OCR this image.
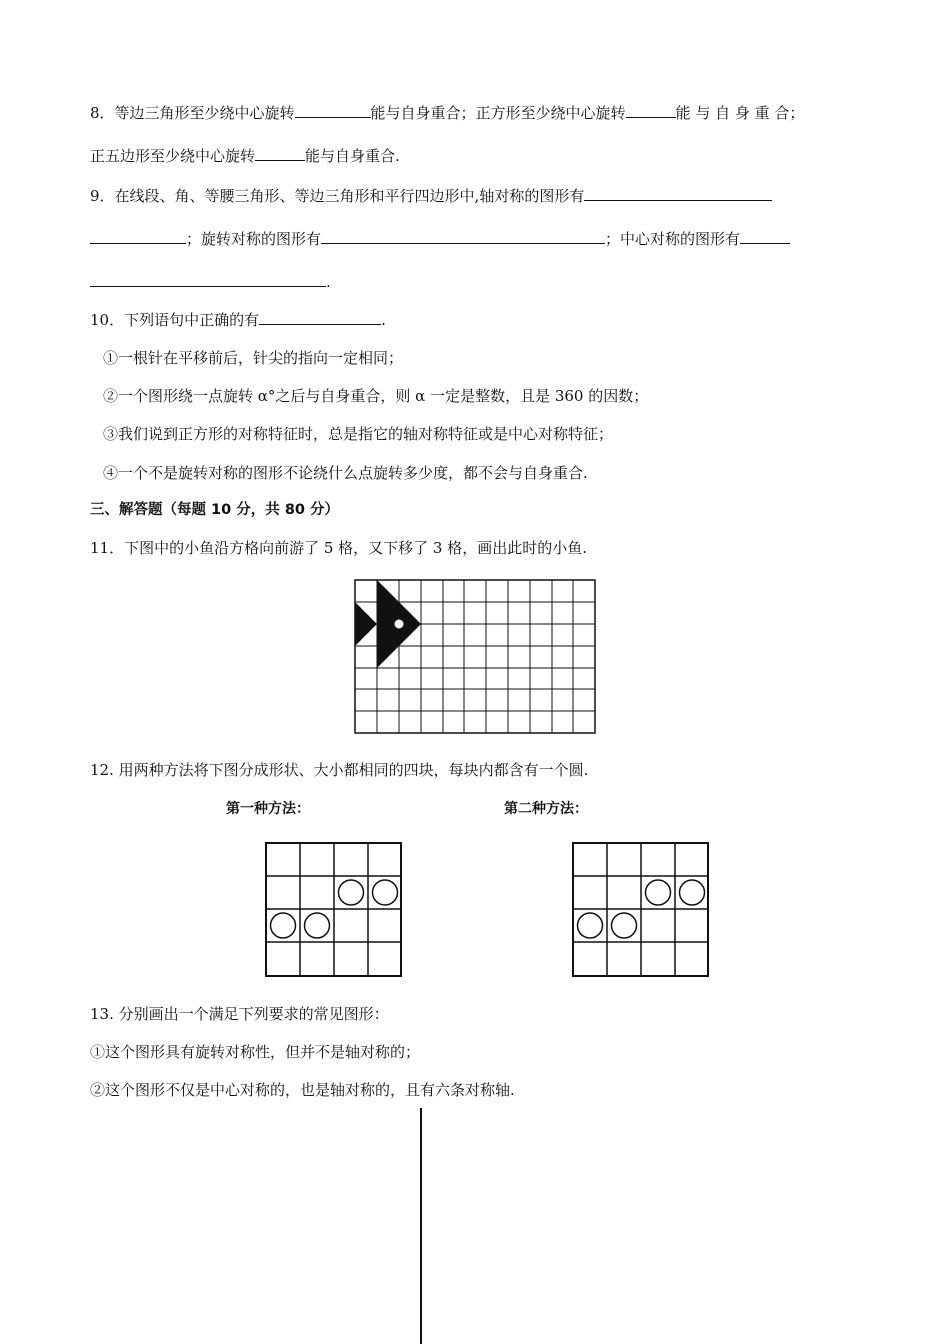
8．等边三角形至少绕中心旋转	能与自身重合；正方形至少绕中心旋转	能 与 自 身 重 合；
正五边形至少绕中心旋转	能与自身重合.
9．在线段、角、等腰三角形、等边三角形和平行四边形中,轴对称的图形有
；旋转对称的图形有	；中心对称的图形有
.
10．下列语句中正确的有	.
①一根针在平移前后，针尖的指向一定相同；
②一个图形绕一点旋转 α°之后与自身重合，则 α 一定是整数，且是 360 的因数；
③我们说到正方形的对称特征时，总是指它的轴对称特征或是中心对称特征；
④一个不是旋转对称的图形不论绕什么点旋转多少度，都不会与自身重合.
三、解答题（每题 10 分，共 80 分）
11．下图中的小鱼沿方格向前游了 5 格，又下移了 3 格，画出此时的小鱼.
12. 用两种方法将下图分成形状、大小都相同的四块，每块内都含有一个圆.
第一种方法：	第二种方法：
13. 分别画出一个满足下列要求的常见图形：
①这个图形具有旋转对称性，但并不是轴对称的；
②这个图形不仅是中心对称的，也是轴对称的，且有六条对称轴.
